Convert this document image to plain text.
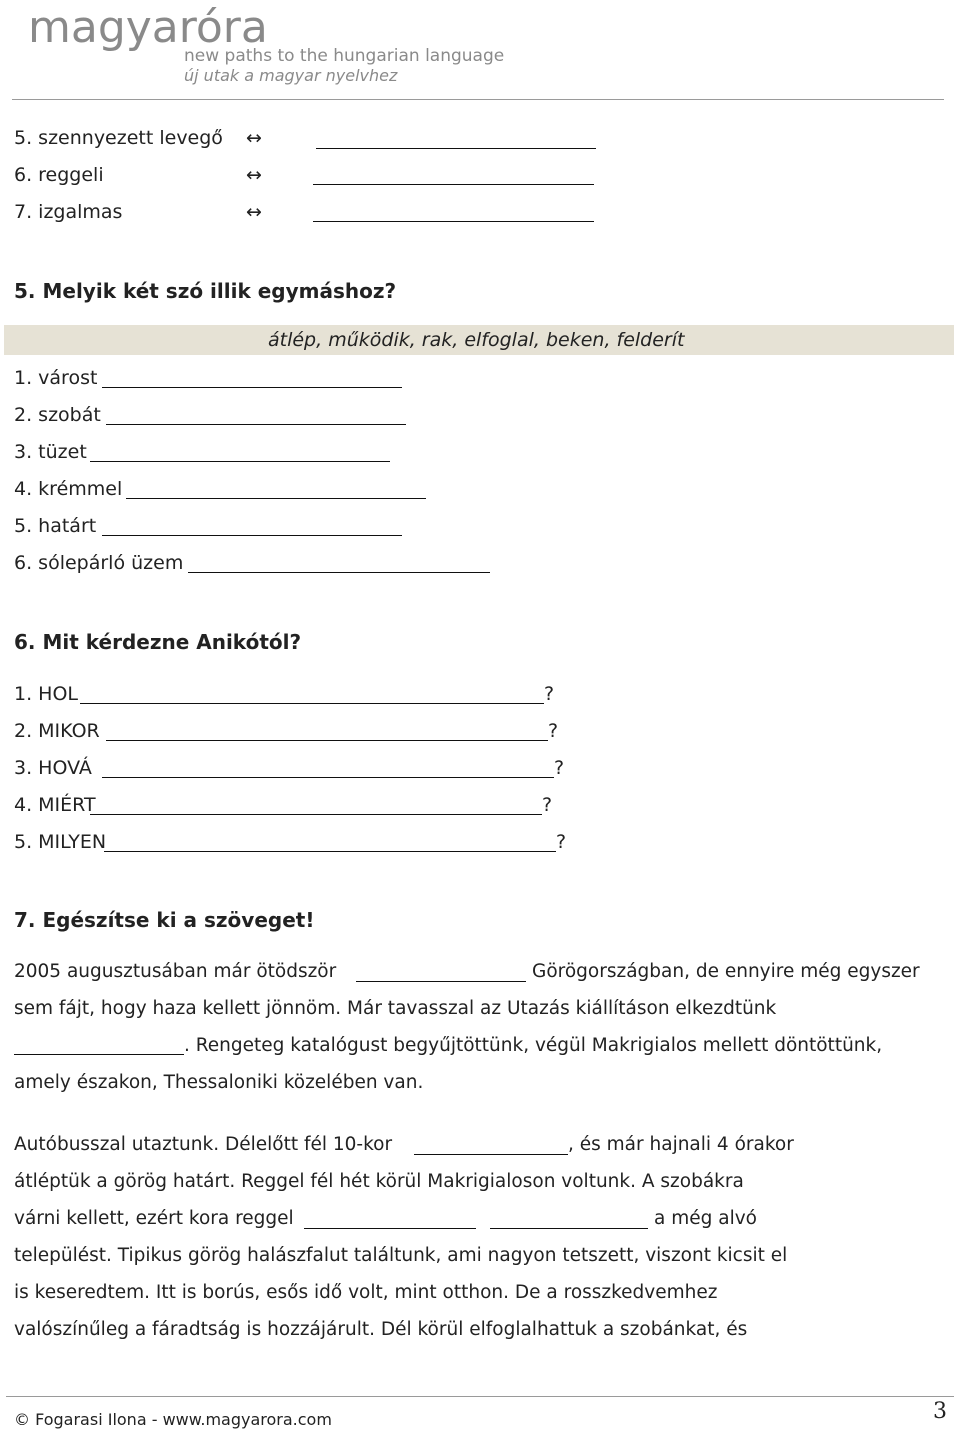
magyaróra
new paths to the hungarian language
új utak a magyar nyelvhez
5. szennyezett levegő ↔
6. reggeli	↔
7. izgalmas	↔
5. Melyik két szó illik egymáshoz?
átlép, működik, rak, elfoglal, beken, felderít
1. várost
2. szobát
3. tüzet
4. krémmel
5. határt
6. sólepárló üzem
6. Mit kérdezne Anikótól?
1. HOL	?
2. MIKOR	?
3. HOVÁ	?
4. MIÉRT	?
5. MILYEN	?
7. Egészítse ki a szöveget!
2005 augusztusában már ötödször	Görögországban, de ennyire még egyszer
sem fájt, hogy haza kellett jönnöm. Már tavasszal az Utazás kiállításon elkezdtünk
. Rengeteg katalógust begyűjtöttünk, végül Makrigialos mellett döntöttünk,
amely északon, Thessaloniki közelében van.
Autóbusszal utaztunk. Délelőtt fél 10-kor	, és már hajnali 4 órakor
átléptük a görög határt. Reggel fél hét körül Makrigialoson voltunk. A szobákra
várni kellett, ezért kora reggel	a még alvó
települést. Tipikus görög halászfalut találtunk, ami nagyon tetszett, viszont kicsit el
is keseredtem. Itt is borús, esős idő volt, mint otthon. De a rosszkedvemhez
valószínűleg a fáradtság is hozzájárult. Dél körül elfoglalhattuk a szobánkat, és
© Fogarasi Ilona - www.magyarora.com	3
